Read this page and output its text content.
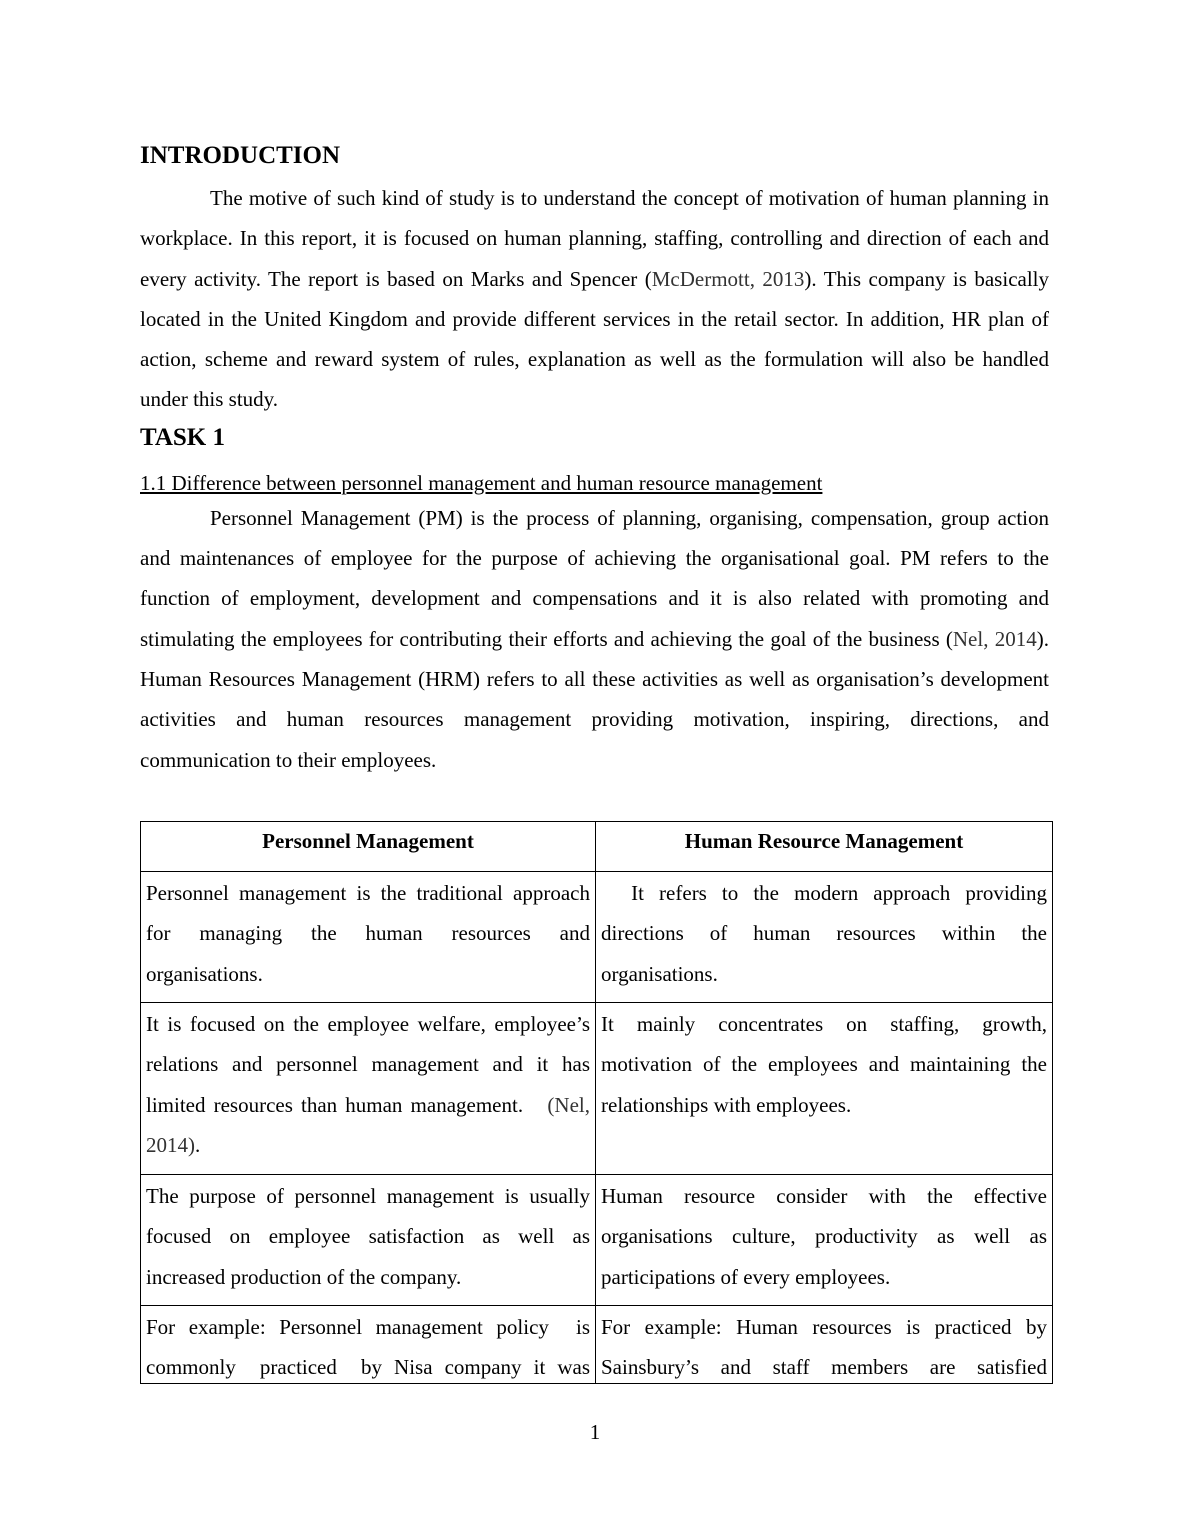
INTRODUCTION

The motive of such kind of study is to understand the concept of motivation of human planning in workplace. In this report, it is focused on human planning, staffing, controlling and direction of each and every activity. The report is based on Marks and Spencer (McDermott, 2013). This company is basically located in the United Kingdom and provide different services in the retail sector. In addition, HR plan of action, scheme and reward system of rules, explanation as well as the formulation will also be handled under this study.

TASK 1

1.1 Difference between personnel management and human resource management

Personnel Management (PM) is the process of planning, organising, compensation, group action and maintenances of employee for the purpose of achieving the organisational goal. PM refers to the function of employment, development and compensations and it is also related with promoting and stimulating the employees for contributing their efforts and achieving the goal of the business (Nel, 2014). Human Resources Management (HRM) refers to all these activities as well as organisation’s development activities and human resources management providing motivation, inspiring, directions, and communication to their employees.

Personnel Management	Human Resource Management
Personnel management is the traditional approach for managing the human resources and organisations.	It refers to the modern approach providing directions of human resources within the organisations.
It is focused on the employee welfare, employee’s relations and personnel management and it has limited resources than human management.   (Nel, 2014).	It mainly concentrates on staffing, growth, motivation of the employees and maintaining the relationships with employees.
The purpose of personnel management is usually focused on employee satisfaction as well as increased production of the company.	Human resource consider with the effective organisations culture, productivity as well as participations of every employees.

For example: Personnel management policy  is commonly  practiced  by Nisa company it was	For example: Human resources is practiced by Sainsbury’s and staff members are satisfied
1
